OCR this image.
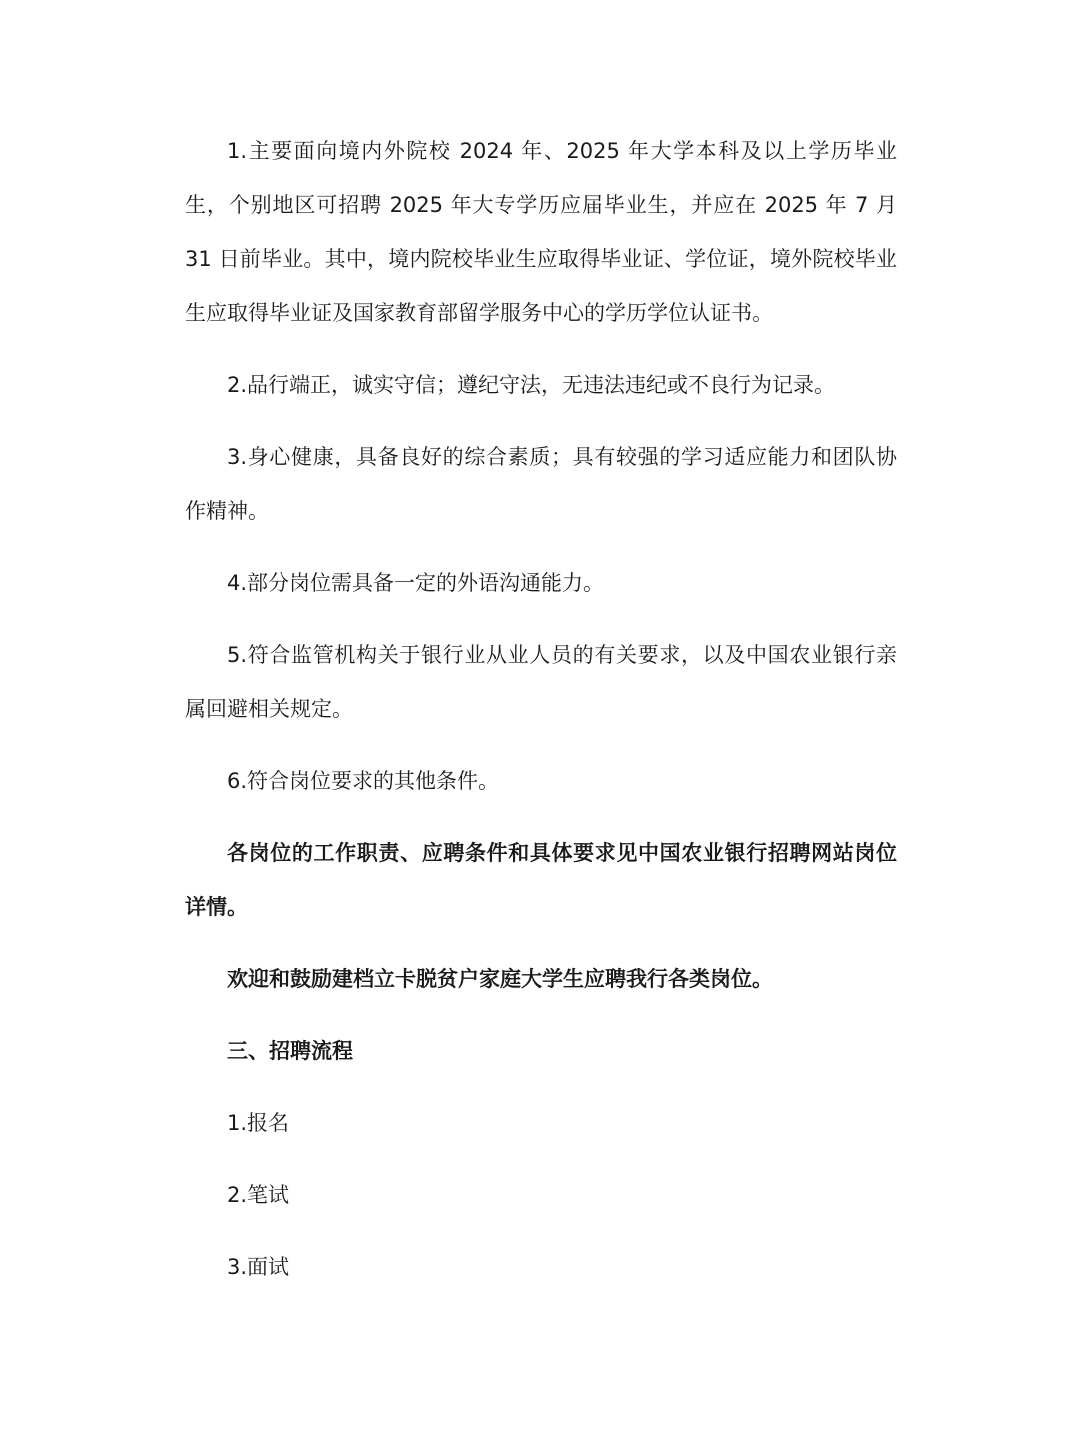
1.主要面向境内外院校 2024 年、2025 年大学本科及以上学历毕业生，个别地区可招聘 2025 年大专学历应届毕业生，并应在 2025 年 7 月 31 日前毕业。其中，境内院校毕业生应取得毕业证、学位证，境外院校毕业生应取得毕业证及国家教育部留学服务中心的学历学位认证书。

2.品行端正，诚实守信；遵纪守法，无违法违纪或不良行为记录。

3.身心健康，具备良好的综合素质；具有较强的学习适应能力和团队协作精神。

4.部分岗位需具备一定的外语沟通能力。

5.符合监管机构关于银行业从业人员的有关要求，以及中国农业银行亲属回避相关规定。

6.符合岗位要求的其他条件。

各岗位的工作职责、应聘条件和具体要求见中国农业银行招聘网站岗位详情。

欢迎和鼓励建档立卡脱贫户家庭大学生应聘我行各类岗位。

三、招聘流程

1.报名

2.笔试

3.面试
